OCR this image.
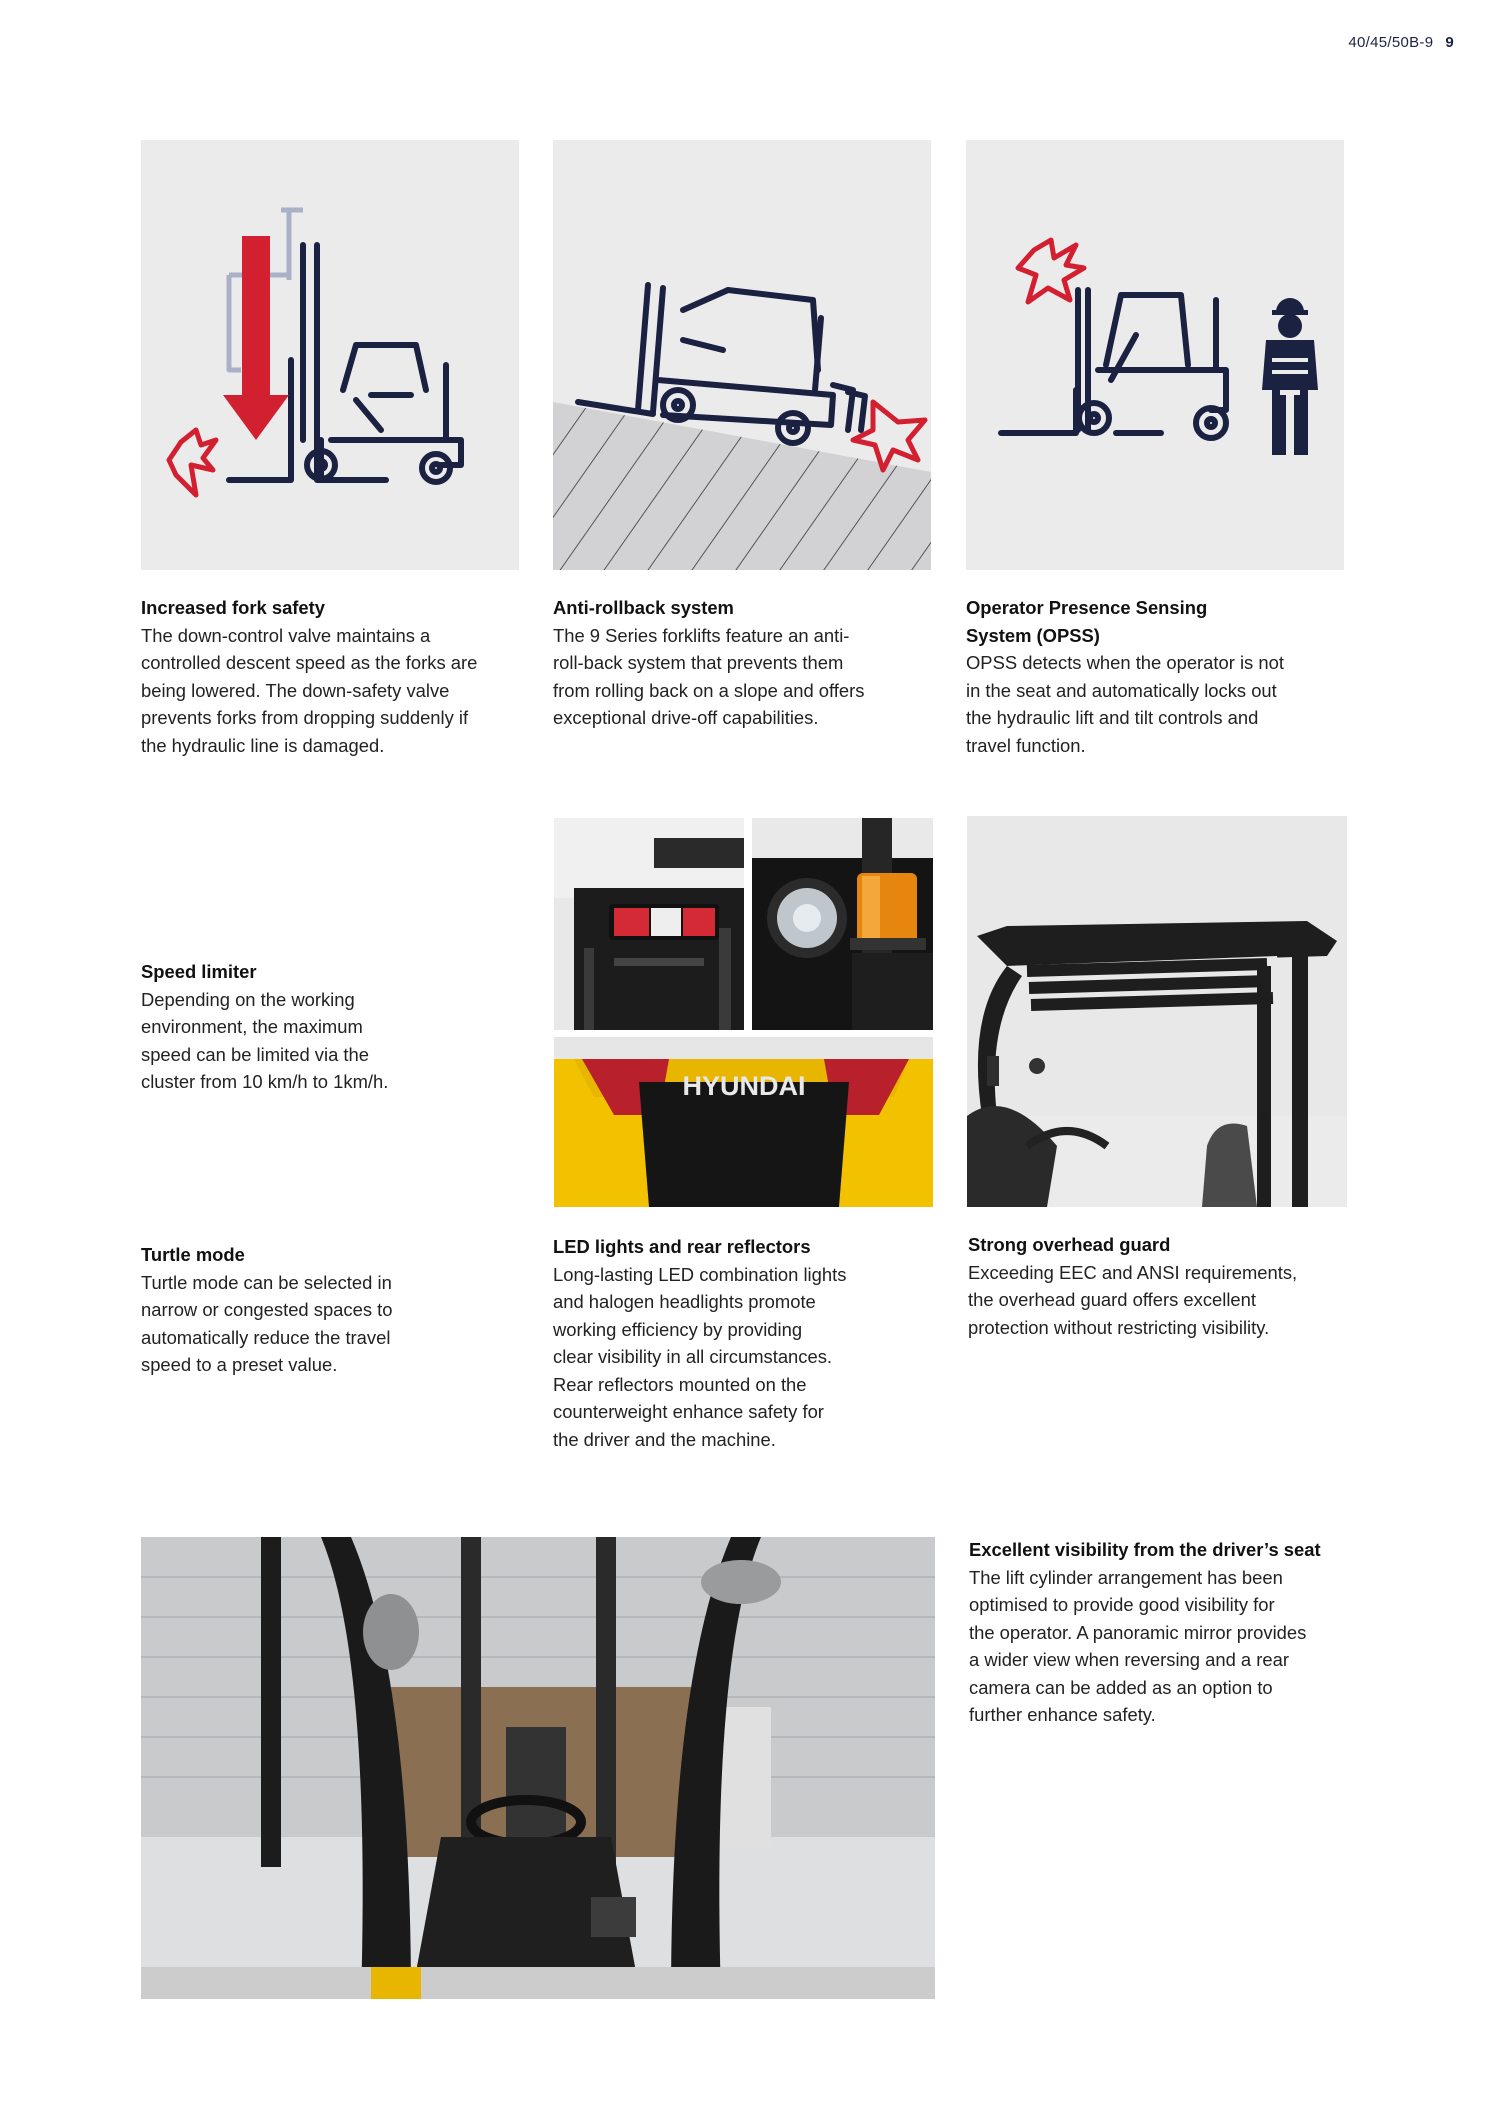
40/45/50B-9 9
Increased fork safety

The down-control valve maintains a

controlled descent speed as the forks are

being lowered. The down-safety valve

prevents forks from dropping suddenly if

the hydraulic line is damaged.

Anti-rollback system

The 9 Series forklifts feature an anti-

roll-back system that prevents them

from rolling back on a slope and offers

exceptional drive-off capabilities.

Operator Presence Sensing
System (OPSS)

OPSS detects when the operator is not

in the seat and automatically locks out

the hydraulic lift and tilt controls and

travel function.

Speed limiter

Depending on the working

environment, the maximum

speed can be limited via the

cluster from 10 km/h to 1km/h.	HYUNDAI
Turtle mode

Turtle mode can be selected in

narrow or congested spaces to

automatically reduce the travel

speed to a preset value.

LED lights and rear reflectors

Long-lasting LED combination lights

and halogen headlights promote

working efficiency by providing

clear visibility in all circumstances.

Rear reflectors mounted on the

counterweight enhance safety for

the driver and the machine.

Strong overhead guard

Exceeding EEC and ANSI requirements,

the overhead guard offers excellent

protection without restricting visibility.

Excellent visibility from the driver’s seat

The lift cylinder arrangement has been

optimised to provide good visibility for

the operator. A panoramic mirror provides

a wider view when reversing and a rear

camera can be added as an option to

further enhance safety.
